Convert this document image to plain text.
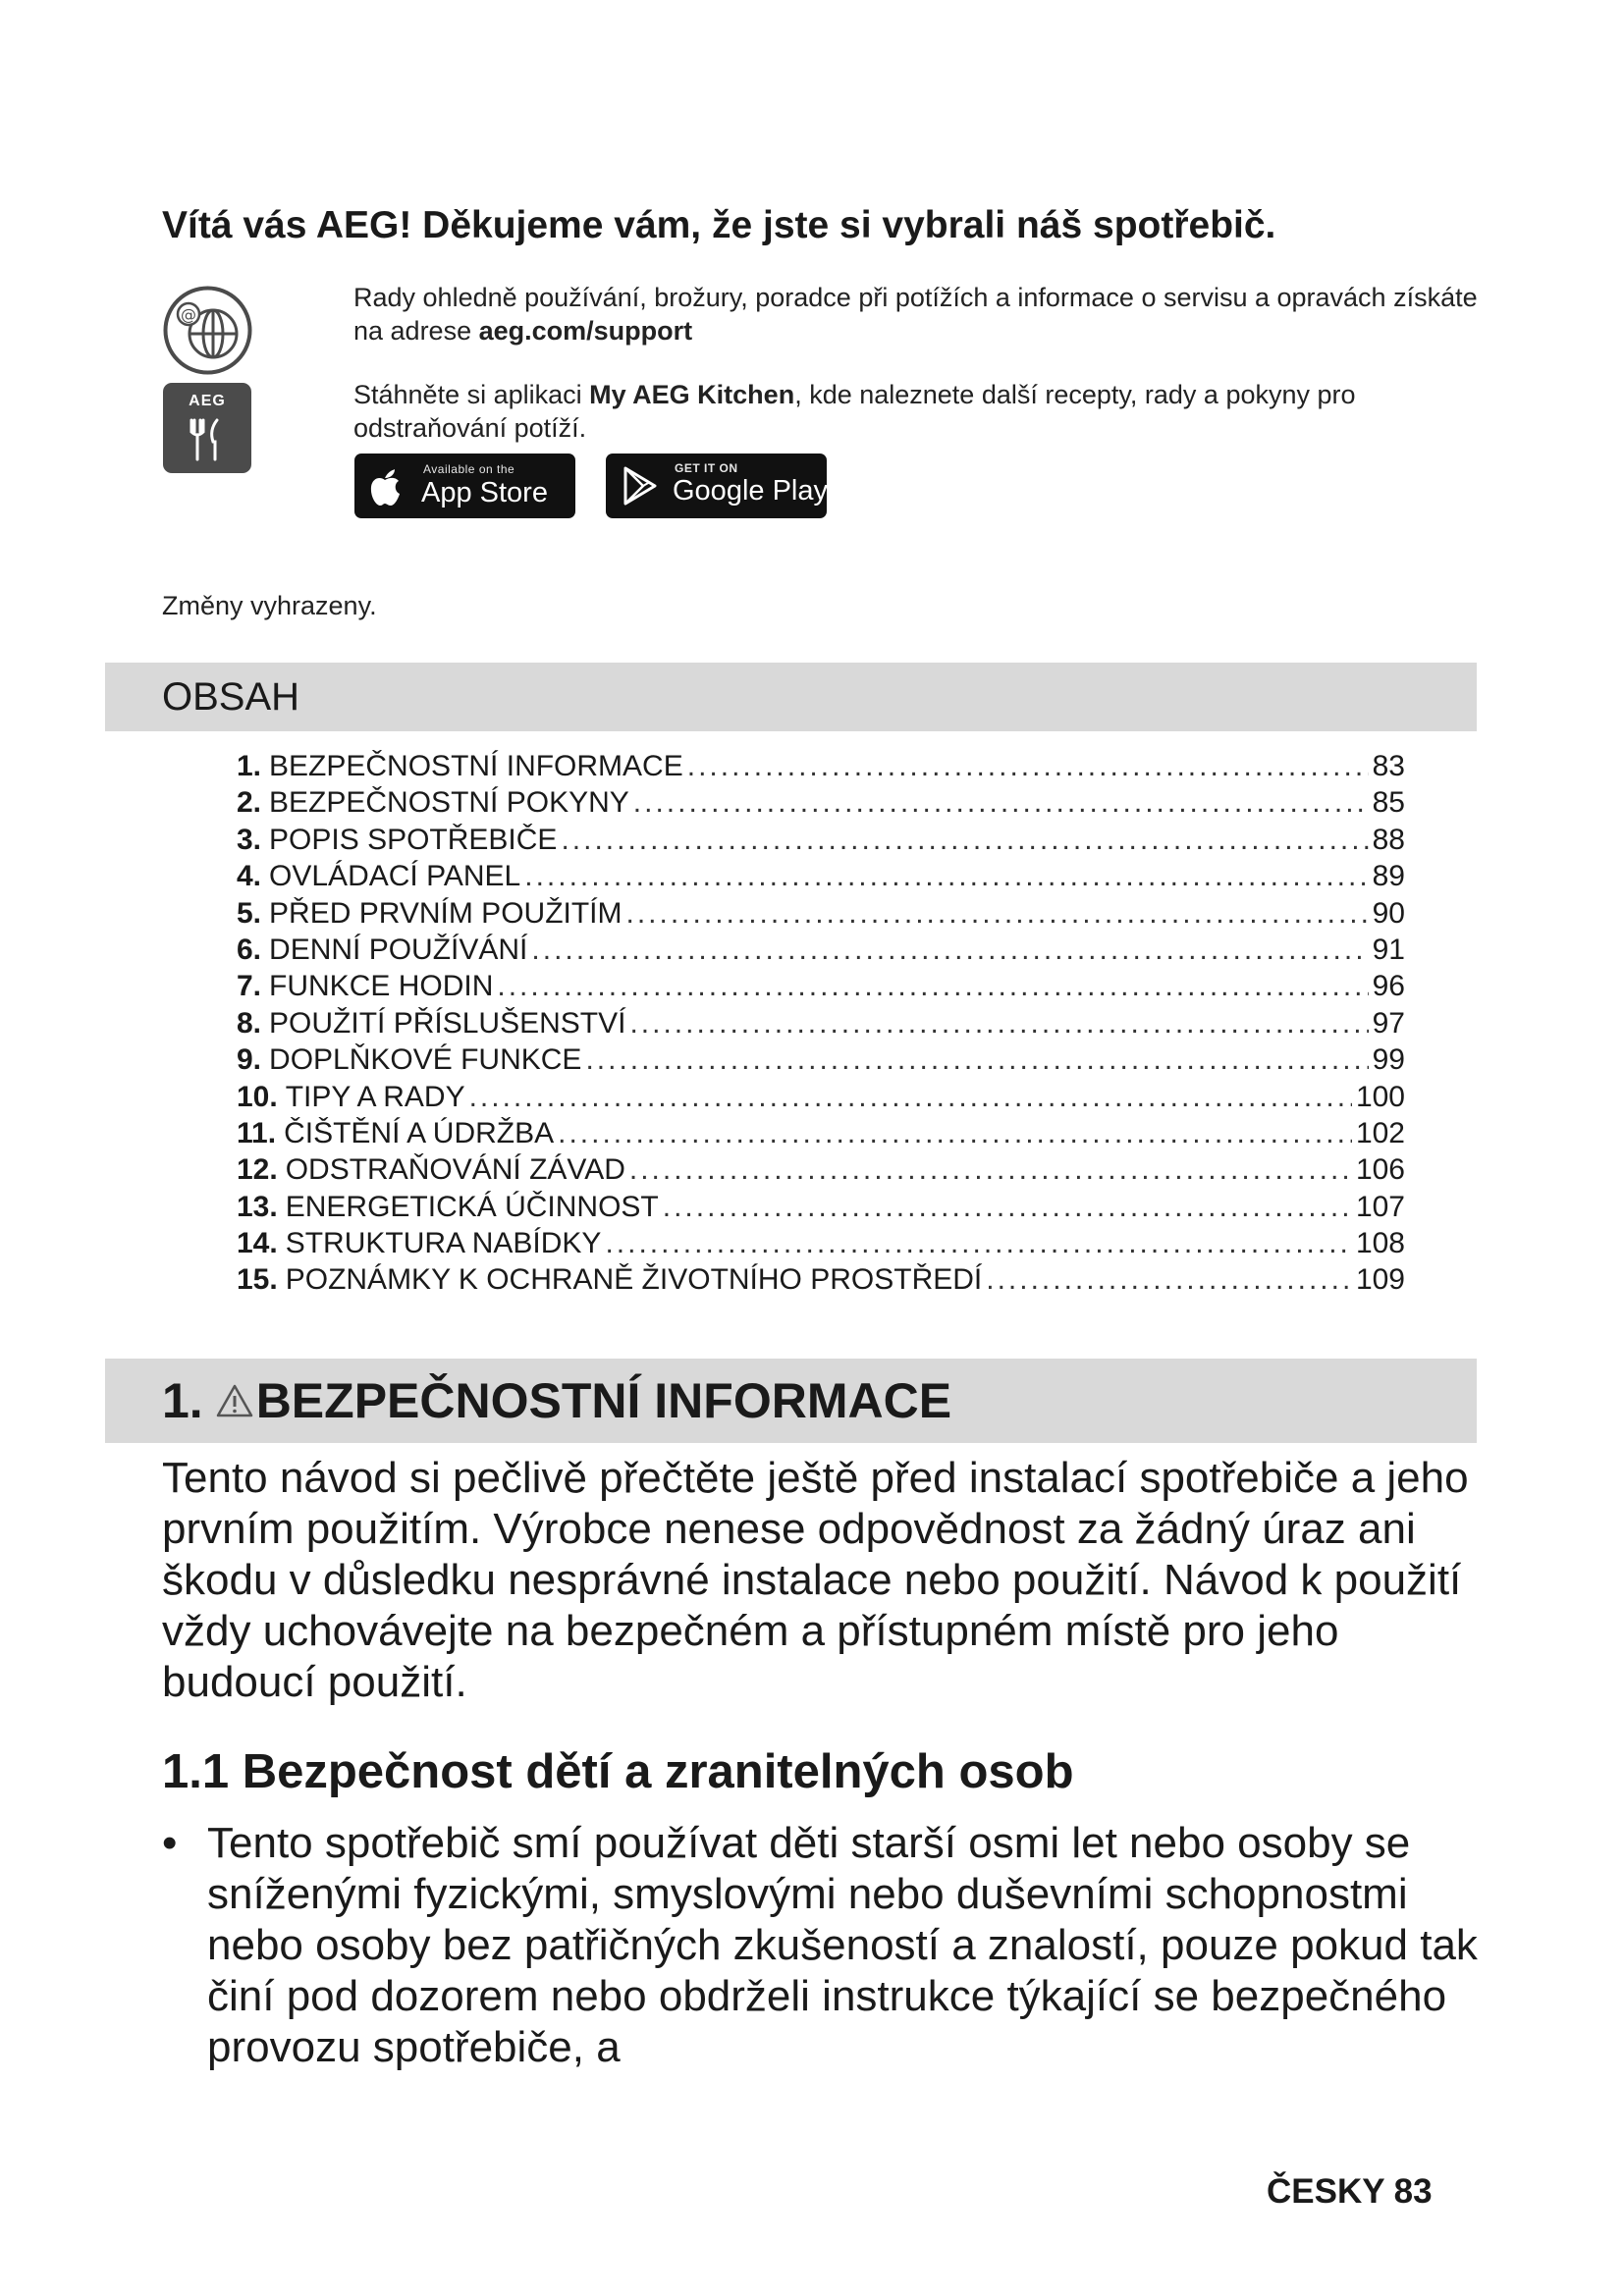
Vítá vás AEG! Děkujeme vám, že jste si vybrali náš spotřebič.
@
Rady ohledně používání, brožury, poradce při potížích a informace o servisu a opravách získáte na adrese aeg.com/support
AEG	Stáhněte si aplikaci My AEG Kitchen, kde naleznete další recepty, rady a pokyny pro odstraňování potíží.
Available on the
App Store
GET IT ON
Google Play
Změny vyhrazeny.
OBSAH
1. BEZPEČNOSTNÍ INFORMACE .....	83
2. BEZPEČNOSTNÍ POKYNY .....	85
3. POPIS SPOTŘEBIČE .....	88
4. OVLÁDACÍ PANEL .....	89
5. PŘED PRVNÍM POUŽITÍM .....	90
6. DENNÍ POUŽÍVÁNÍ .....	91
7. FUNKCE HODIN .....	96
8. POUŽITÍ PŘÍSLUŠENSTVÍ .....	97
9. DOPLŇKOVÉ FUNKCE .....	99
10. TIPY A RADY .....	100
11. ČIŠTĚNÍ A ÚDRŽBA .....	102
12. ODSTRAŇOVÁNÍ ZÁVAD .....	106
13. ENERGETICKÁ ÚČINNOST .....	107
14. STRUKTURA NABÍDKY .....	108
15. POZNÁMKY K OCHRANĚ ŽIVOTNÍHO PROSTŘEDÍ .....	109
1. BEZPEČNOSTNÍ INFORMACE

Tento návod si pečlivě přečtěte ještě před instalací spotřebiče a jeho prvním použitím. Výrobce nenese odpovědnost za žádný úraz ani škodu v důsledku nesprávné instalace nebo použití. Návod k použití vždy uchovávejte na bezpečném a přístupném místě pro jeho budoucí použití.

1.1 Bezpečnost dětí a zranitelných osob
• Tento spotřebič smí používat děti starší osmi let nebo osoby se sníženými fyzickými, smyslovými nebo duševními schopnostmi nebo osoby bez patřičných zkušeností a znalostí, pouze pokud tak činí pod dozorem nebo obdrželi instrukce týkající se bezpečného provozu spotřebiče, a
ČESKY 83
